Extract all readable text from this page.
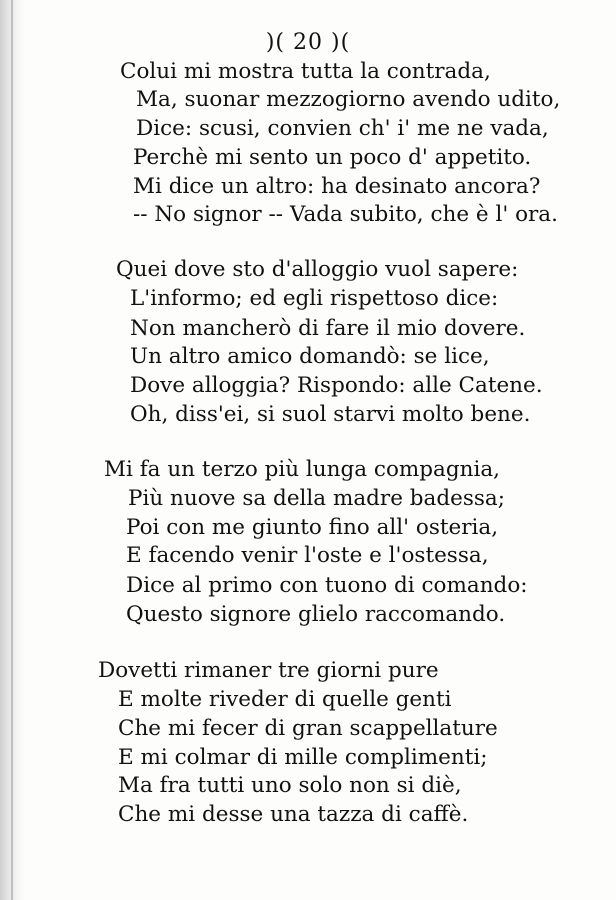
)( 20 )(
Colui mi mostra tutta la contrada,
Ma, suonar mezzogiorno avendo udito,
Dice: scusi, convien ch' i' me ne vada,
Perchè mi sento un poco d' appetito.
Mi dice un altro: ha desinato ancora?
-- No signor -- Vada subito, che è l' ora.
Quei dove sto d'alloggio vuol sapere:
L'informo; ed egli rispettoso dice:
Non mancherò di fare il mio dovere.
Un altro amico domandò: se lice,
Dove alloggia? Rispondo: alle Catene.
Oh, diss'ei, si suol starvi molto bene.
Mi fa un terzo più lunga compagnia,
Più nuove sa della madre badessa;
Poi con me giunto fino all' osteria,
E facendo venir l'oste e l'ostessa,
Dice al primo con tuono di comando:
Questo signore glielo raccomando.
Dovetti rimaner tre giorni pure
E molte riveder di quelle genti
Che mi fecer di gran scappellature
E mi colmar di mille complimenti;
Ma fra tutti uno solo non si diè,
Che mi desse una tazza di caffè.
